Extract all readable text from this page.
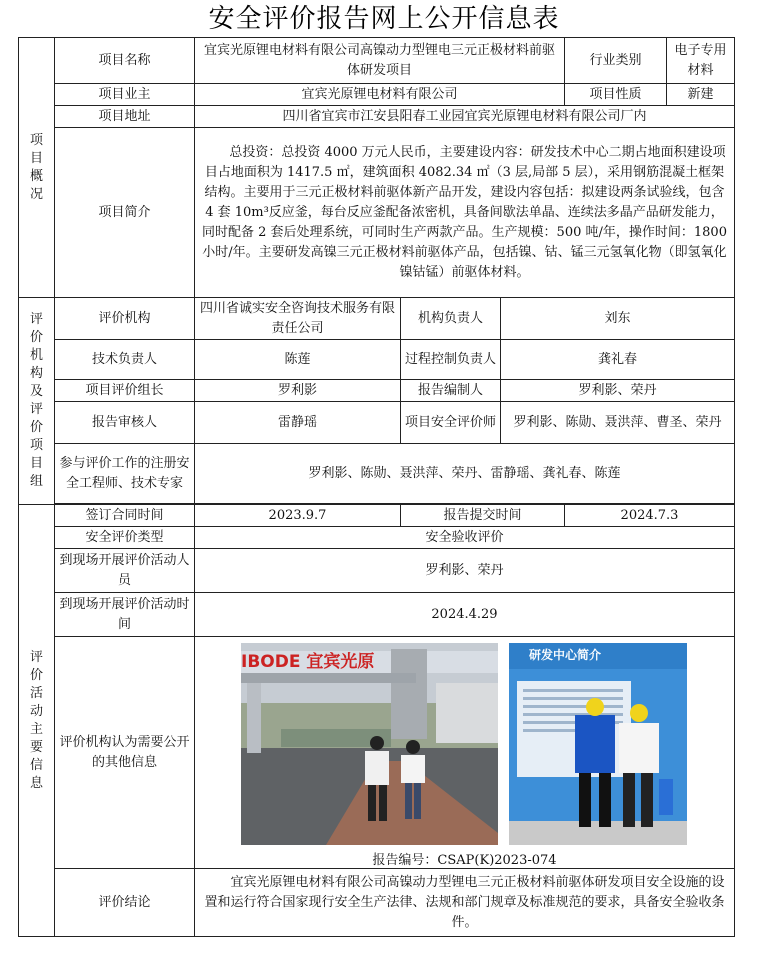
安全评价报告网上公开信息表
项目概况	项目名称	宜宾光原锂电材料有限公司高镍动力型锂电三元正极材料前驱体研发项目			行业类别	电子专用材料
	项目业主	宜宾光原锂电材料有限公司			项目性质	新建
	项目地址	四川省宜宾市江安县阳春工业园宜宾光原锂电材料有限公司厂内				
	项目简介	总投资：总投资 4000 万元人民币，主要建设内容：研发技术中心二期占地面积建设项目占地面积为 1417.5 ㎡，建筑面积 4082.34 ㎡（3 层,局部 5 层），采用钢筋混凝土框架结构。主要用于三元正极材料前驱体新产品开发，建设内容包括：拟建设两条试验线，包含 4 套 10m³反应釜，每台反应釜配备浓密机，具备间歇法单晶、连续法多晶产品研发能力，同时配备 2 套后处理系统，可同时生产两款产品。生产规模：500 吨/年，操作时间：1800 小时/年。主要研发高镍三元正极材料前驱体产品，包括镍、钴、锰三元氢氧化物（即氢氧化镍钴锰）前驱体材料。				

评价机构及评价项目组	评价机构	四川省诚实安全咨询技术服务有限责任公司	机构负责人	刘东		
	技术负责人	陈莲	过程控制负责人	龚礼春		
	项目评价组长	罗利影	报告编制人	罗利影、荣丹		
	报告审核人	雷静瑶	项目安全评价师	罗利影、陈勋、聂洪萍、曹圣、荣丹		
	参与评价工作的注册安全工程师、技术专家	罗利影、陈勋、聂洪萍、荣丹、雷静瑶、龚礼春、陈莲				

评价活动主要信息	签订合同时间	2023.9.7	报告提交时间		2024.7.3	
	安全评价类型	安全验收评价				
	到现场开展评价活动人员	罗利影、荣丹				
	到现场开展评价活动时间	2024.4.29				
	评价机构认为需要公开的其他信息	IBODE 宜宾光原 研发中心简介
报告编号：CSAP(K)2023-074				

	评价结论	宜宾光原锂电材料有限公司高镍动力型锂电三元正极材料前驱体研发项目安全设施的设置和运行符合国家现行安全生产法律、法规和部门规章及标准规范的要求，具备安全验收条件。				
